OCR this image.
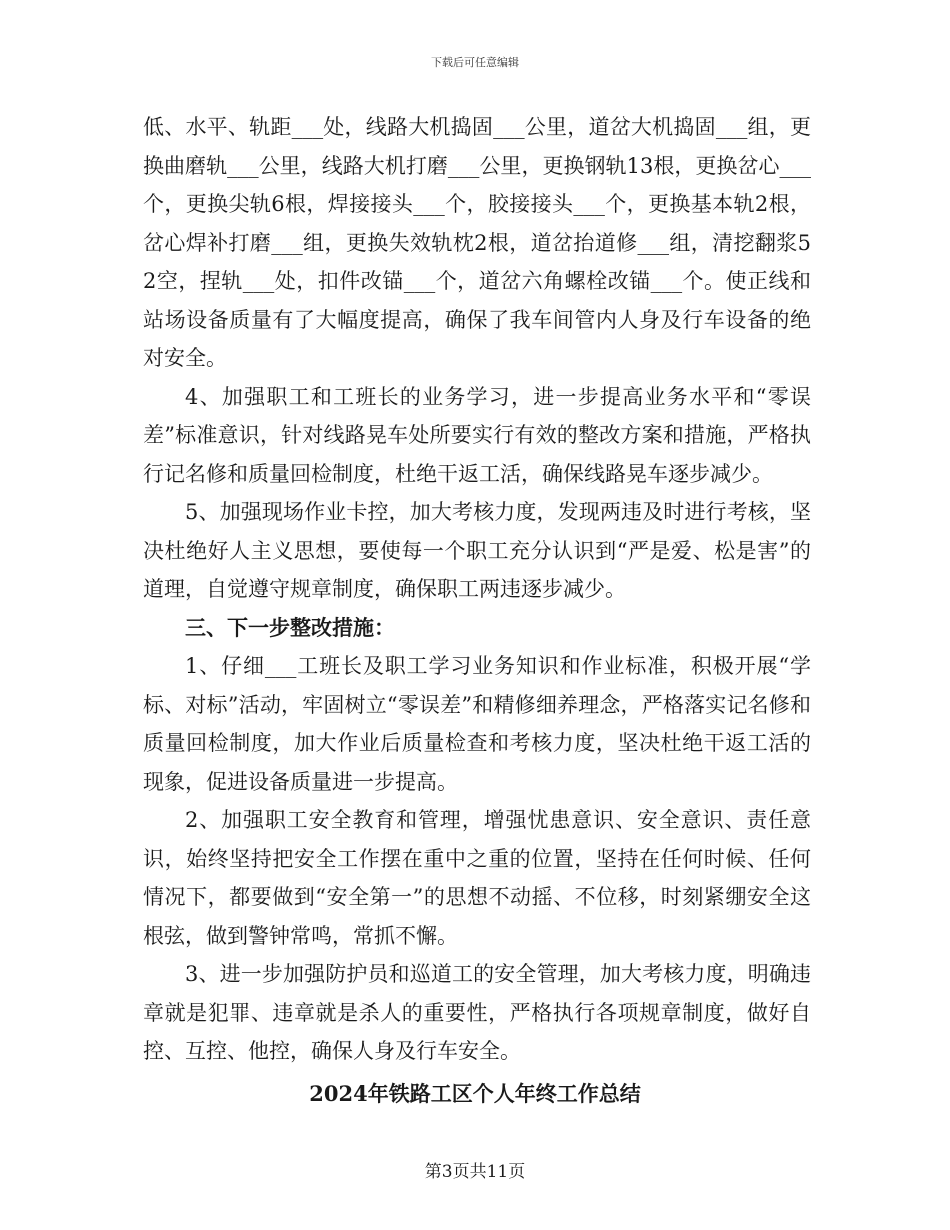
下载后可任意编辑

低、水平、轨距___处，线路大机捣固___公里，道岔大机捣固___组，更换曲磨轨___公里，线路大机打磨___公里，更换钢轨13根，更换岔心___个，更换尖轨6根，焊接接头___个，胶接接头___个，更换基本轨2根，岔心焊补打磨___组，更换失效轨枕2根，道岔抬道修___组，清挖翻浆52空，捏轨___处，扣件改锚___个，道岔六角螺栓改锚___个。使正线和站场设备质量有了大幅度提高，确保了我车间管内人身及行车设备的绝对安全。

4、加强职工和工班长的业务学习，进一步提高业务水平和“零误差”标准意识，针对线路晃车处所要实行有效的整改方案和措施，严格执行记名修和质量回检制度，杜绝干返工活，确保线路晃车逐步减少。

5、加强现场作业卡控，加大考核力度，发现两违及时进行考核，坚决杜绝好人主义思想，要使每一个职工充分认识到“严是爱、松是害”的道理，自觉遵守规章制度，确保职工两违逐步减少。

三、下一步整改措施：

1、仔细___工班长及职工学习业务知识和作业标准，积极开展“学标、对标”活动，牢固树立“零误差”和精修细养理念，严格落实记名修和质量回检制度，加大作业后质量检查和考核力度，坚决杜绝干返工活的现象，促进设备质量进一步提高。

2、加强职工安全教育和管理，增强忧患意识、安全意识、责任意识，始终坚持把安全工作摆在重中之重的位置，坚持在任何时候、任何情况下，都要做到“安全第一”的思想不动摇、不位移，时刻紧绷安全这根弦，做到警钟常鸣，常抓不懈。

3、进一步加强防护员和巡道工的安全管理，加大考核力度，明确违章就是犯罪、违章就是杀人的重要性，严格执行各项规章制度，做好自控、互控、他控，确保人身及行车安全。

2024年铁路工区个人年终工作总结
第3页共11页
